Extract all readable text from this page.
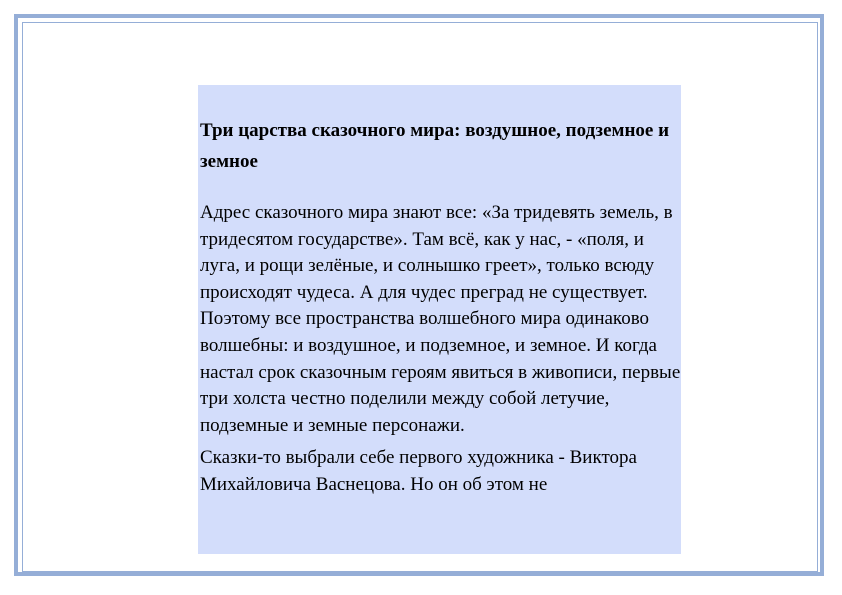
Три царства сказочного мира: воздушное, подземное и земное

Адрес сказочного мира знают все: «За тридевять земель, в тридесятом государстве». Там всё, как у нас, - «поля, и луга, и рощи зелёные, и солнышко греет», только всюду происходят чудеса. А для чудес преград не существует. Поэтому все пространства волшебного мира одинаково волшебны: и воздушное, и подземное, и земное. И когда настал срок сказочным героям явиться в живописи, первые три холста честно поделили между собой летучие, подземные и земные персонажи.

Сказки-то выбрали себе первого художника - Виктора Михайловича Васнецова. Но он об этом не
